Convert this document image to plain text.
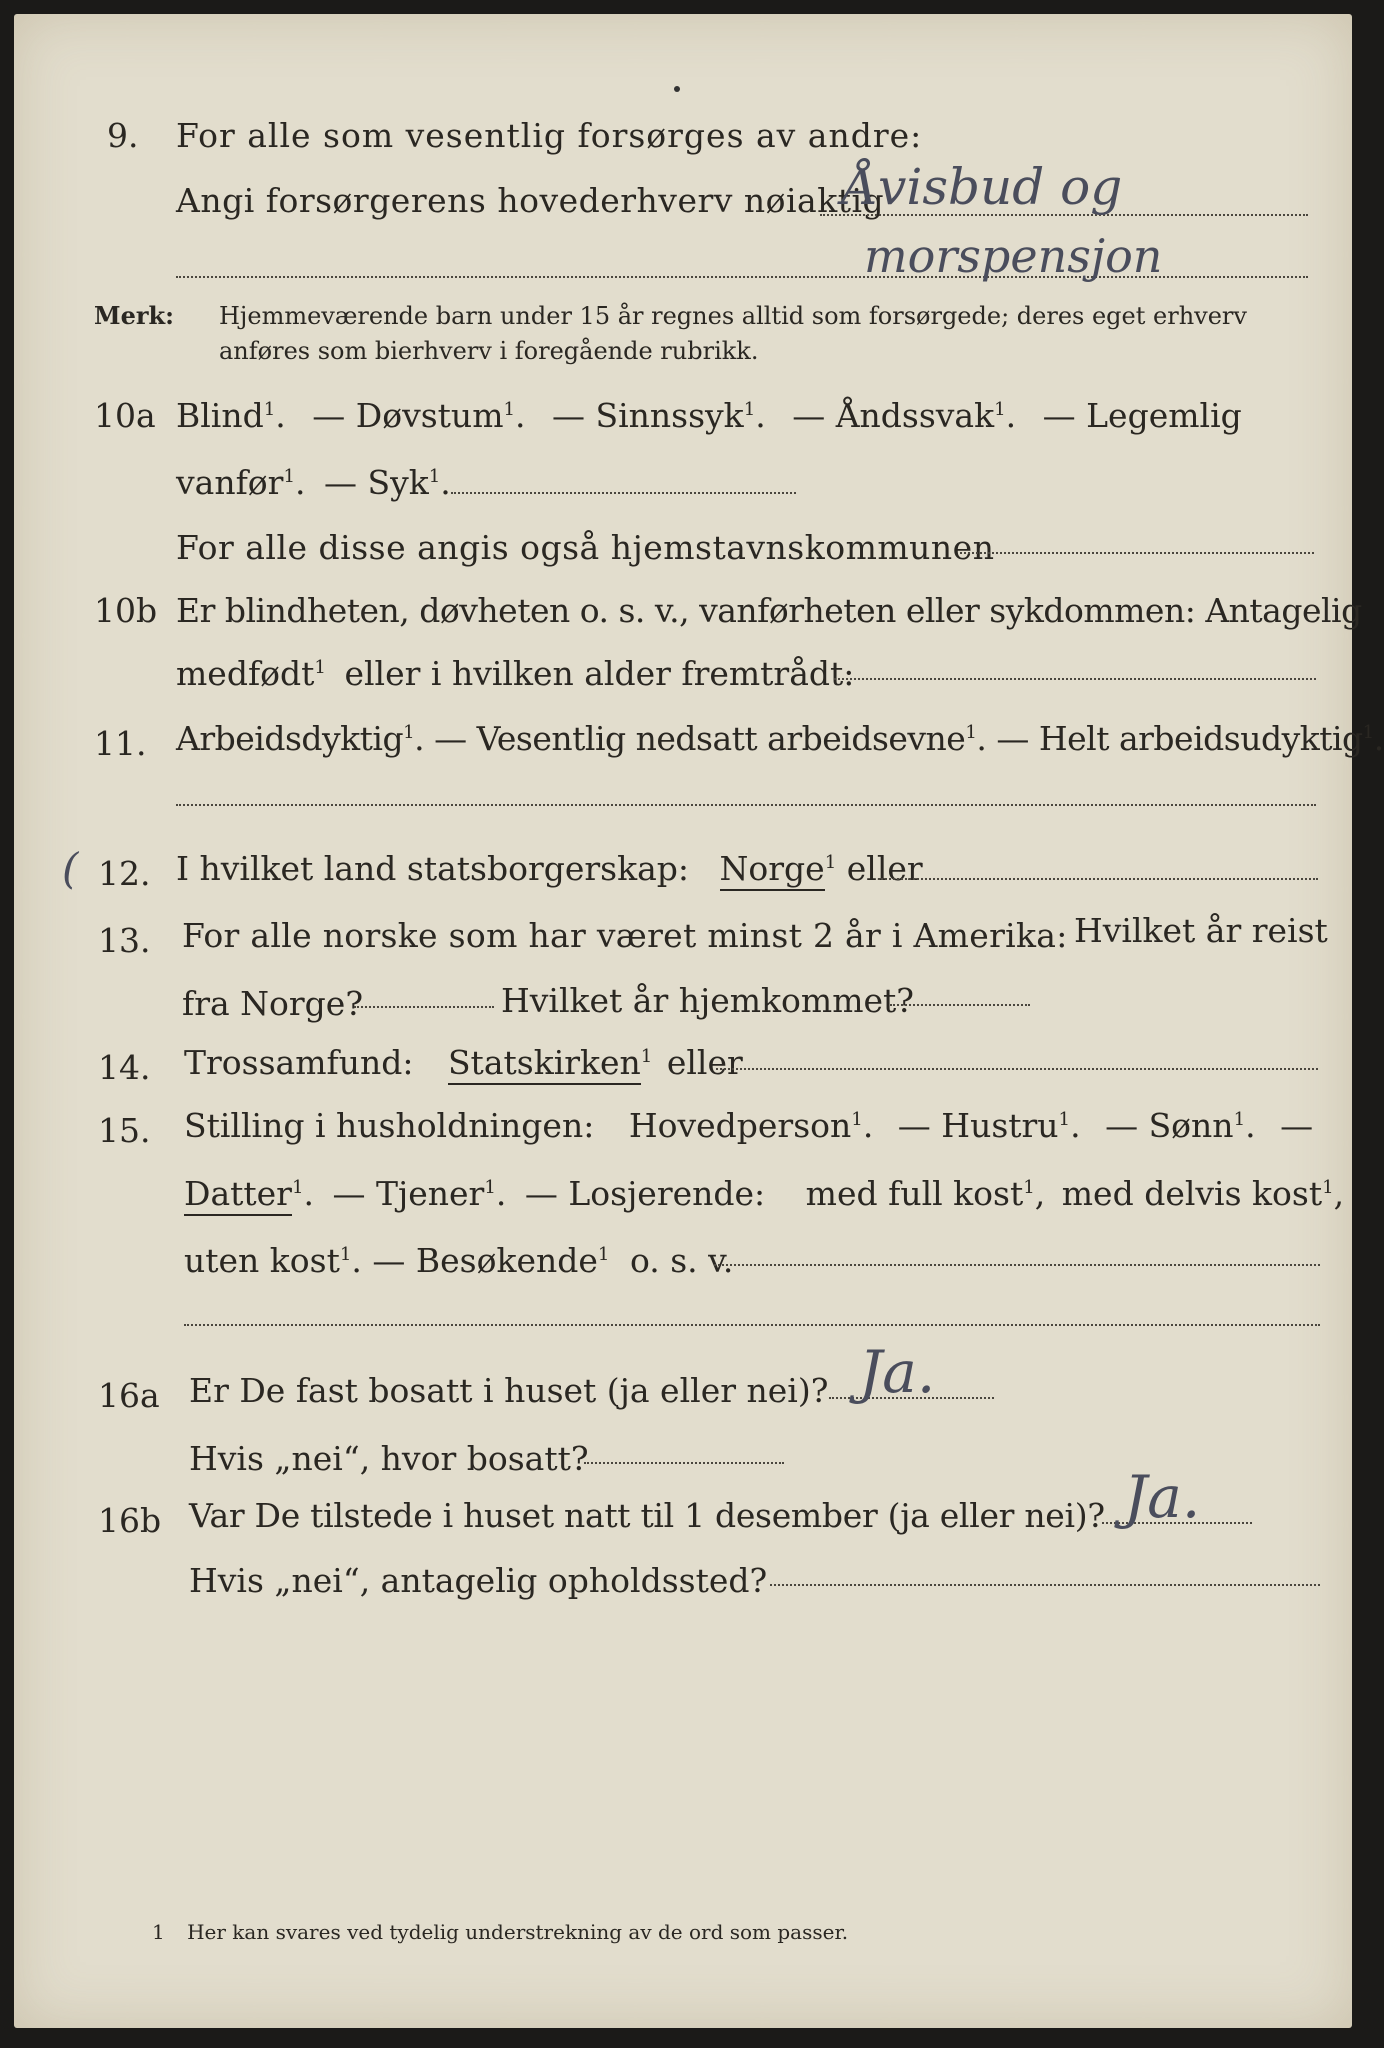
9. For alle som vesentlig forsørges av andre:
Angi forsørgerens hovederhverv nøiaktig
Åvisbud og
morspensjon
Merk: Hjemmeværende barn under 15 år regnes alltid som forsørgede; deres eget erhverv
anføres som bierhverv i foregående rubrikk.
10a Blind$^1$. — Døvstum$^1$. — Sinnssyk$^1$. — Åndssvak$^1$. — Legemlig
vanfør$^1$. — Syk$^1$.
For alle disse angis også hjemstavnskommunen
10b Er blindheten, døvheten o. s. v., vanførheten eller sykdommen: Antagelig
medfødt$^1$ eller i hvilken alder fremtrådt:
11. Arbeidsdyktig$^1$. — Vesentlig nedsatt arbeidsevne$^1$. — Helt arbeidsudyktig$^1$.
( 12. I hvilket land statsborgerskap: Norge$^1$ eller
13. For alle norske som har været minst 2 år i Amerika: Hvilket år reist
fra Norge?	Hvilket år hjemkommet?
14. Trossamfund: Statskirken$^1$ eller
15. Stilling i husholdningen: Hovedperson$^1$. — Hustru$^1$. — Sønn$^1$. —
Datter$^1$. — Tjener$^1$. — Losjerende: med full kost$^1$, med delvis kost$^1$,
uten kost$^1$. — Besøkende$^1$ o. s. v.
16a Er De fast bosatt i huset (ja eller nei)? Ja.
Hvis „nei“, hvor bosatt?
16b Var De tilstede i huset natt til 1 desember (ja eller nei)? Ja.
Hvis „nei“, antagelig opholdssted?
1 Her kan svares ved tydelig understrekning av de ord som passer.
